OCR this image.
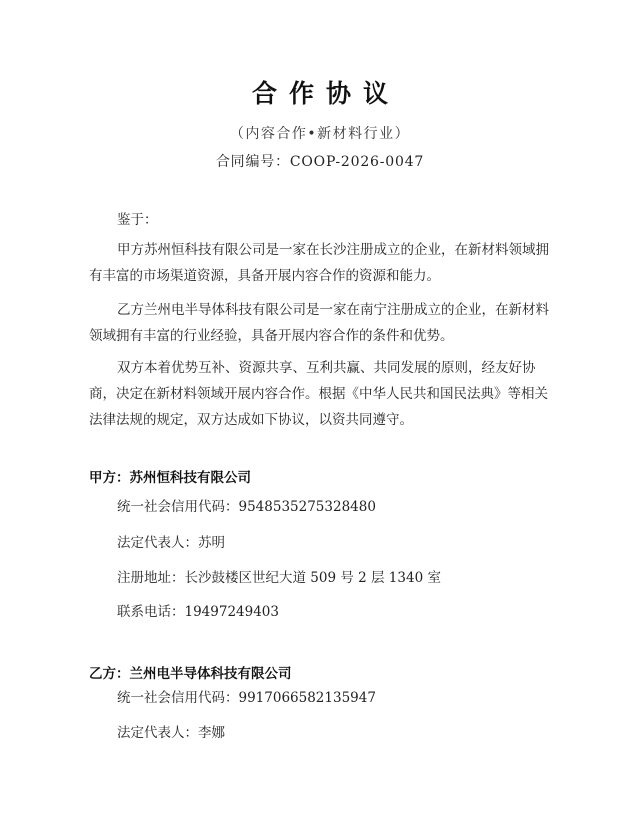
合作协议
（内容合作•新材料行业）
合同编号：COOP-2026-0047

鉴于：

甲方苏州恒科技有限公司是一家在长沙注册成立的企业，在新材料领域拥有丰富的市场渠道资源，具备开展内容合作的资源和能力。

乙方兰州电半导体科技有限公司是一家在南宁注册成立的企业，在新材料领域拥有丰富的行业经验，具备开展内容合作的条件和优势。

双方本着优势互补、资源共享、互利共赢、共同发展的原则，经友好协商，决定在新材料领域开展内容合作。根据《中华人民共和国民法典》等相关法律法规的规定，双方达成如下协议，以资共同遵守。

甲方：苏州恒科技有限公司
统一社会信用代码：9548535275328480
法定代表人：苏明
注册地址：长沙鼓楼区世纪大道 509 号 2 层 1340 室
联系电话：19497249403
乙方：兰州电半导体科技有限公司
统一社会信用代码：9917066582135947
法定代表人：李娜
